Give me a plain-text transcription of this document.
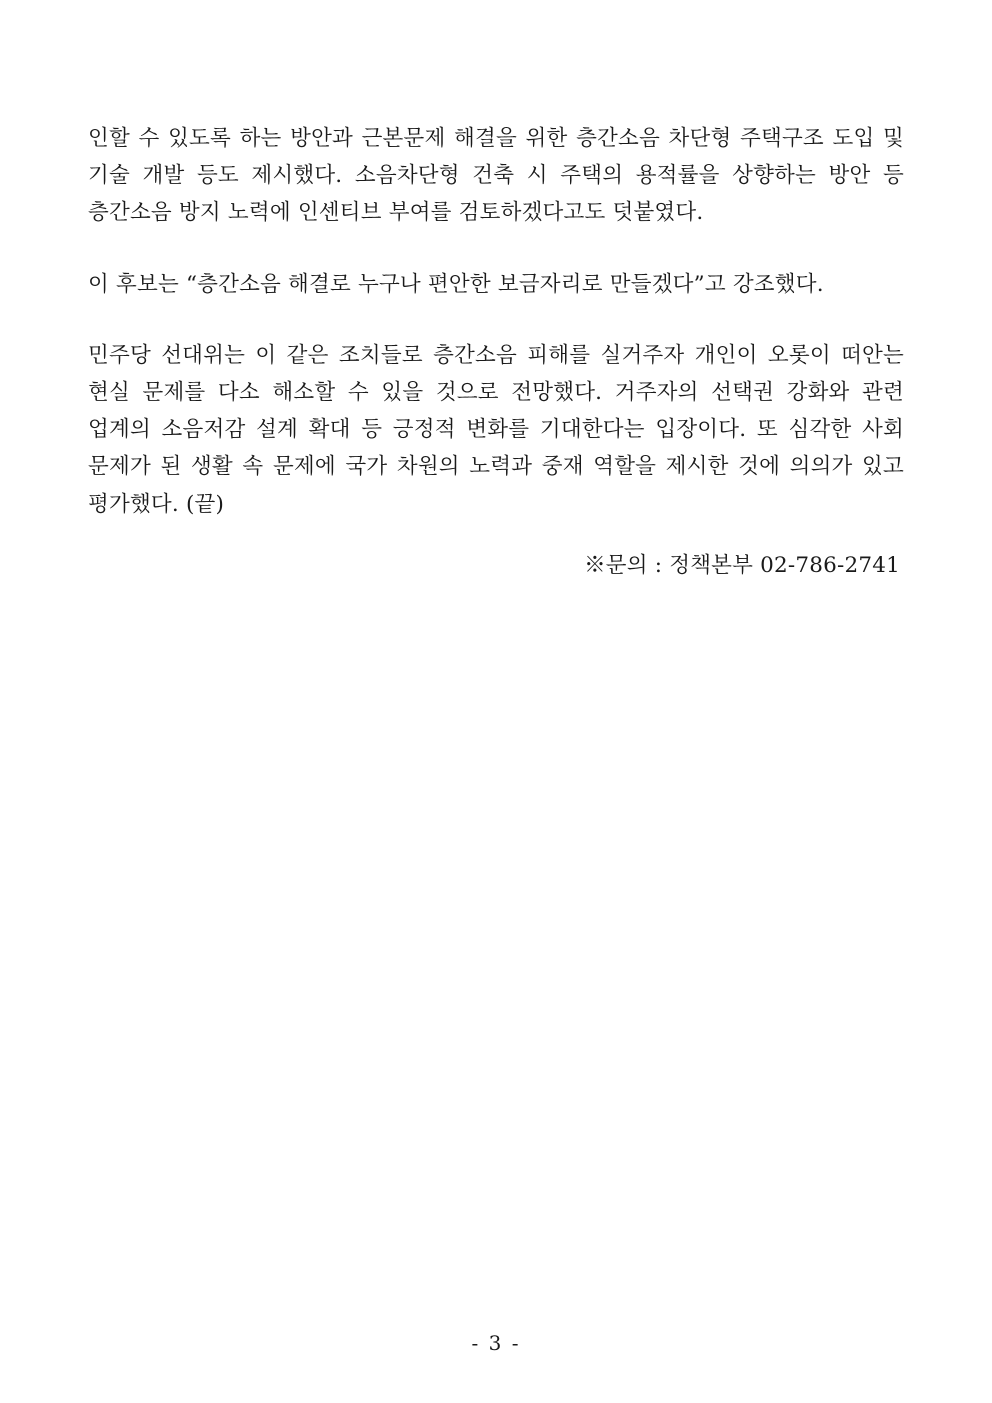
인할 수 있도록 하는 방안과 근본문제 해결을 위한 층간소음 차단형 주택구조 도입 및 기술 개발 등도 제시했다. 소음차단형 건축 시 주택의 용적률을 상향하는 방안 등 층간소음 방지 노력에 인센티브 부여를 검토하겠다고도 덧붙였다.

이 후보는 “층간소음 해결로 누구나 편안한 보금자리로 만들겠다”고 강조했다.

민주당 선대위는 이 같은 조치들로 층간소음 피해를 실거주자 개인이 오롯이 떠안는 현실 문제를 다소 해소할 수 있을 것으로 전망했다. 거주자의 선택권 강화와 관련 업계의 소음저감 설계 확대 등 긍정적 변화를 기대한다는 입장이다. 또 심각한 사회 문제가 된 생활 속 문제에 국가 차원의 노력과 중재 역할을 제시한 것에 의의가 있고 평가했다. (끝)

※문의 : 정책본부 02-786-2741
- 3 -
